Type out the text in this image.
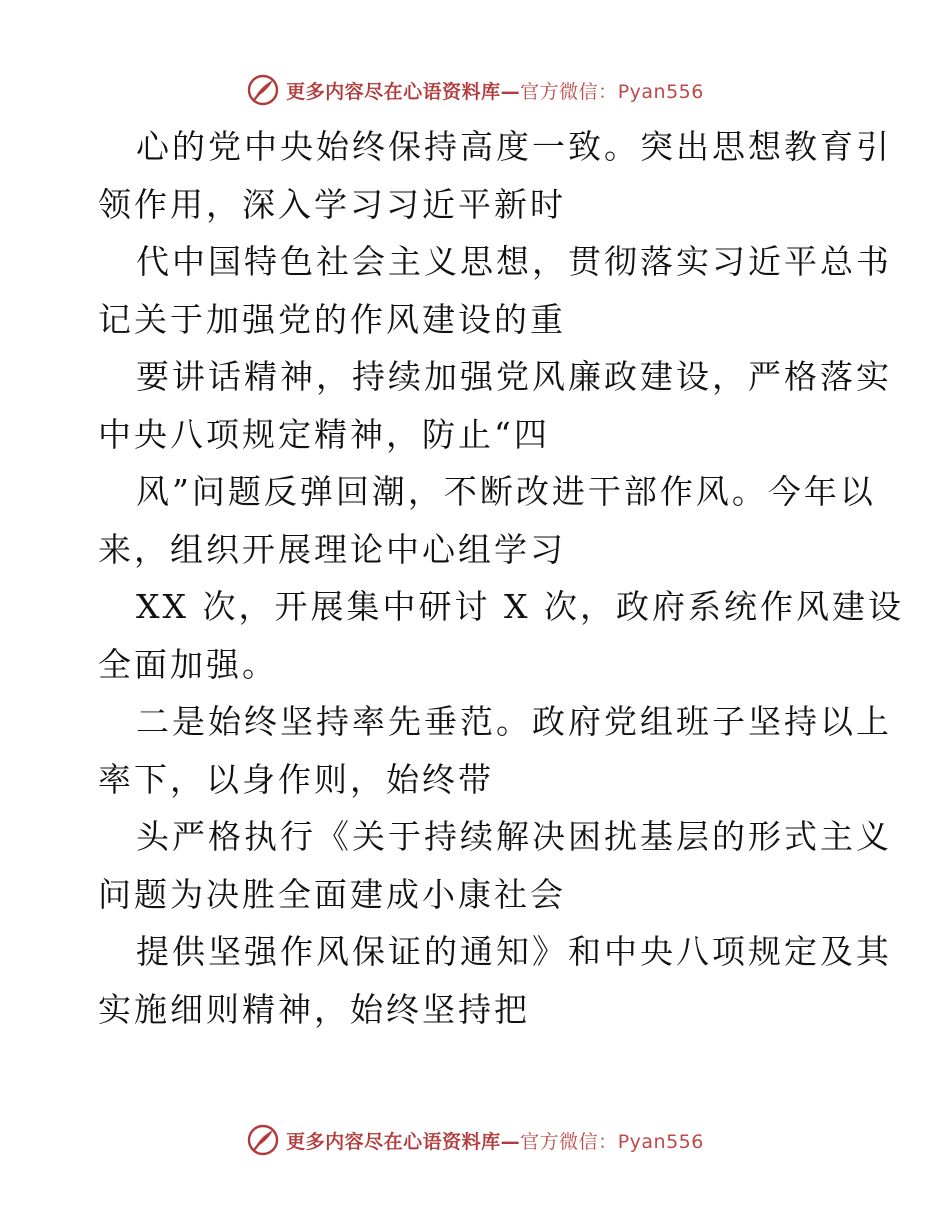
更多内容尽在心语资料库—官方微信：Pyan556

心的党中央始终保持高度一致。突出思想教育引
领作用，深入学习习近平新时

代中国特色社会主义思想，贯彻落实习近平总书
记关于加强党的作风建设的重

要讲话精神，持续加强党风廉政建设，严格落实
中央八项规定精神，防止“四

风”问题反弹回潮，不断改进干部作风。今年以
来，组织开展理论中心组学习

XX 次，开展集中研讨 X 次，政府系统作风建设
全面加强。

二是始终坚持率先垂范。政府党组班子坚持以上
率下，以身作则，始终带

头严格执行《关于持续解决困扰基层的形式主义
问题为决胜全面建成小康社会

提供坚强作风保证的通知》和中央八项规定及其
实施细则精神，始终坚持把

更多内容尽在心语资料库—官方微信：Pyan556
